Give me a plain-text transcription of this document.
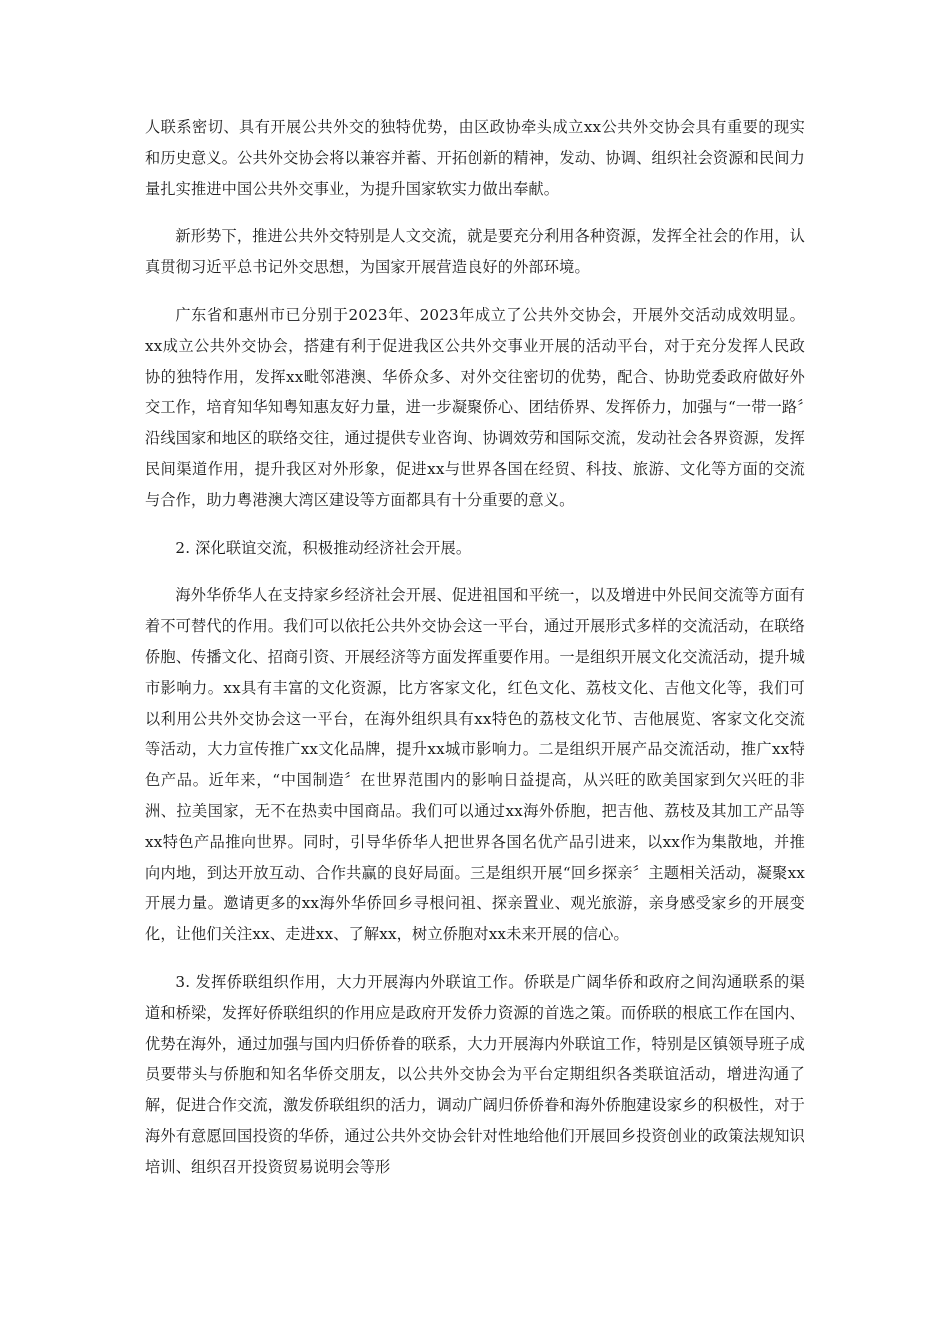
人联系密切、具有开展公共外交的独特优势，由区政协牵头成立xx公共外交协会具有重要的现实和历史意义。公共外交协会将以兼容并蓄、开拓创新的精神，发动、协调、组织社会资源和民间力量扎实推进中国公共外交事业，为提升国家软实力做出奉献。

新形势下，推进公共外交特别是人文交流，就是要充分利用各种资源，发挥全社会的作用，认真贯彻习近平总书记外交思想，为国家开展营造良好的外部环境。

广东省和惠州市已分别于2023年、2023年成立了公共外交协会，开展外交活动成效明显。xx成立公共外交协会，搭建有利于促进我区公共外交事业开展的活动平台，对于充分发挥人民政协的独特作用，发挥xx毗邻港澳、华侨众多、对外交往密切的优势，配合、协助党委政府做好外交工作，培育知华知粤知惠友好力量，进一步凝聚侨心、团结侨界、发挥侨力，加强与“一带一路〞沿线国家和地区的联络交往，通过提供专业咨询、协调效劳和国际交流，发动社会各界资源，发挥民间渠道作用，提升我区对外形象，促进xx与世界各国在经贸、科技、旅游、文化等方面的交流与合作，助力粤港澳大湾区建设等方面都具有十分重要的意义。

2. 深化联谊交流，积极推动经济社会开展。

海外华侨华人在支持家乡经济社会开展、促进祖国和平统一，以及增进中外民间交流等方面有着不可替代的作用。我们可以依托公共外交协会这一平台，通过开展形式多样的交流活动，在联络侨胞、传播文化、招商引资、开展经济等方面发挥重要作用。一是组织开展文化交流活动，提升城市影响力。xx具有丰富的文化资源，比方客家文化，红色文化、荔枝文化、吉他文化等，我们可以利用公共外交协会这一平台，在海外组织具有xx特色的荔枝文化节、吉他展览、客家文化交流等活动，大力宣传推广xx文化品牌，提升xx城市影响力。二是组织开展产品交流活动，推广xx特色产品。近年来，“中国制造〞在世界范围内的影响日益提高，从兴旺的欧美国家到欠兴旺的非洲、拉美国家，无不在热卖中国商品。我们可以通过xx海外侨胞，把吉他、荔枝及其加工产品等xx特色产品推向世界。同时，引导华侨华人把世界各国名优产品引进来，以xx作为集散地，并推向内地，到达开放互动、合作共赢的良好局面。三是组织开展“回乡探亲〞主题相关活动，凝聚xx开展力量。邀请更多的xx海外华侨回乡寻根问祖、探亲置业、观光旅游，亲身感受家乡的开展变化，让他们关注xx、走进xx、了解xx，树立侨胞对xx未来开展的信心。

3. 发挥侨联组织作用，大力开展海内外联谊工作。侨联是广阔华侨和政府之间沟通联系的渠道和桥梁，发挥好侨联组织的作用应是政府开发侨力资源的首选之策。而侨联的根底工作在国内、优势在海外，通过加强与国内归侨侨眷的联系，大力开展海内外联谊工作，特别是区镇领导班子成员要带头与侨胞和知名华侨交朋友，以公共外交协会为平台定期组织各类联谊活动，增进沟通了解，促进合作交流，激发侨联组织的活力，调动广阔归侨侨眷和海外侨胞建设家乡的积极性，对于海外有意愿回国投资的华侨，通过公共外交协会针对性地给他们开展回乡投资创业的政策法规知识培训、组织召开投资贸易说明会等形
